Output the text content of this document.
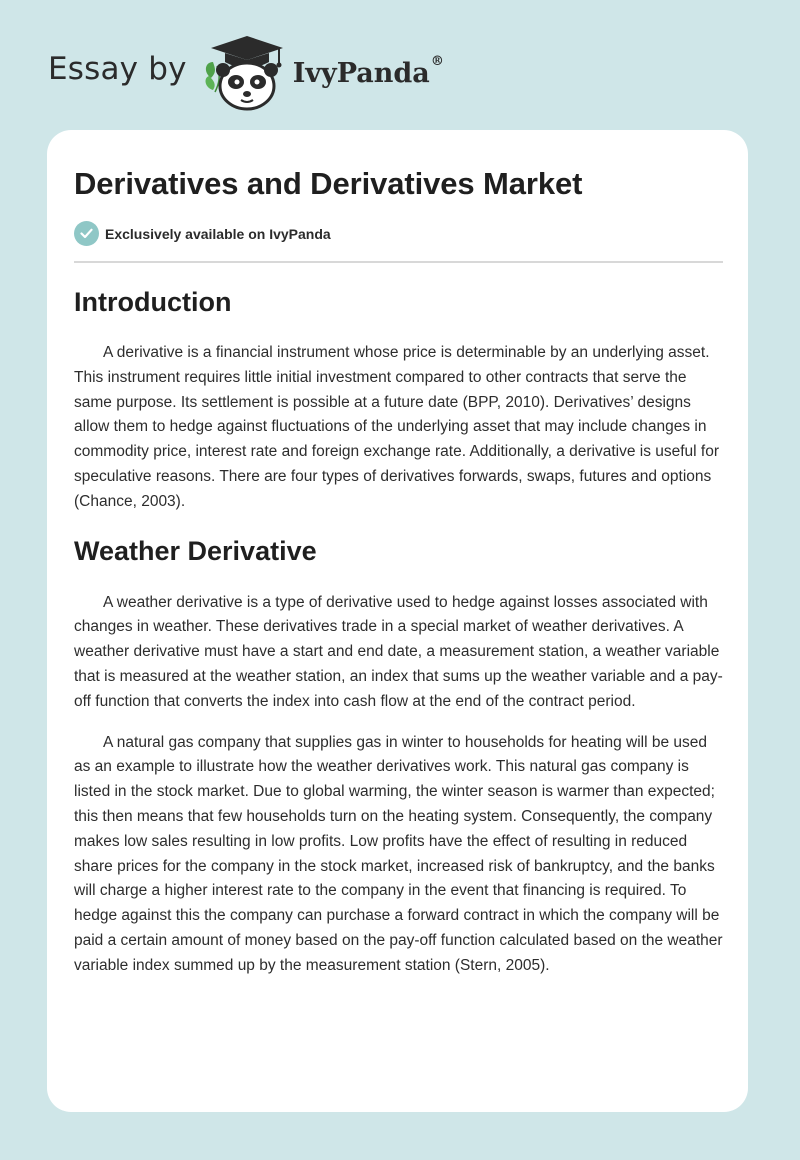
Essay by	IvyPanda®
Derivatives and Derivatives Market
Exclusively available on IvyPanda
Introduction

A derivative is a financial instrument whose price is determinable by an underlying asset. This instrument requires little initial investment compared to other contracts that serve the same purpose. Its settlement is possible at a future date (BPP, 2010). Derivatives’ designs allow them to hedge against fluctuations of the underlying asset that may include changes in commodity price, interest rate and foreign exchange rate. Additionally, a derivative is useful for speculative reasons. There are four types of derivatives forwards, swaps, futures and options (Chance, 2003).

Weather Derivative

A weather derivative is a type of derivative used to hedge against losses associated with changes in weather. These derivatives trade in a special market of weather derivatives. A weather derivative must have a start and end date, a measurement station, a weather variable that is measured at the weather station, an index that sums up the weather variable and a pay-off function that converts the index into cash flow at the end of the contract period.

A natural gas company that supplies gas in winter to households for heating will be used as an example to illustrate how the weather derivatives work. This natural gas company is listed in the stock market. Due to global warming, the winter season is warmer than expected; this then means that few households turn on the heating system. Consequently, the company makes low sales resulting in low profits. Low profits have the effect of resulting in reduced share prices for the company in the stock market, increased risk of bankruptcy, and the banks will charge a higher interest rate to the company in the event that financing is required. To hedge against this the company can purchase a forward contract in which the company will be paid a certain amount of money based on the pay-off function calculated based on the weather variable index summed up by the measurement station (Stern, 2005).
